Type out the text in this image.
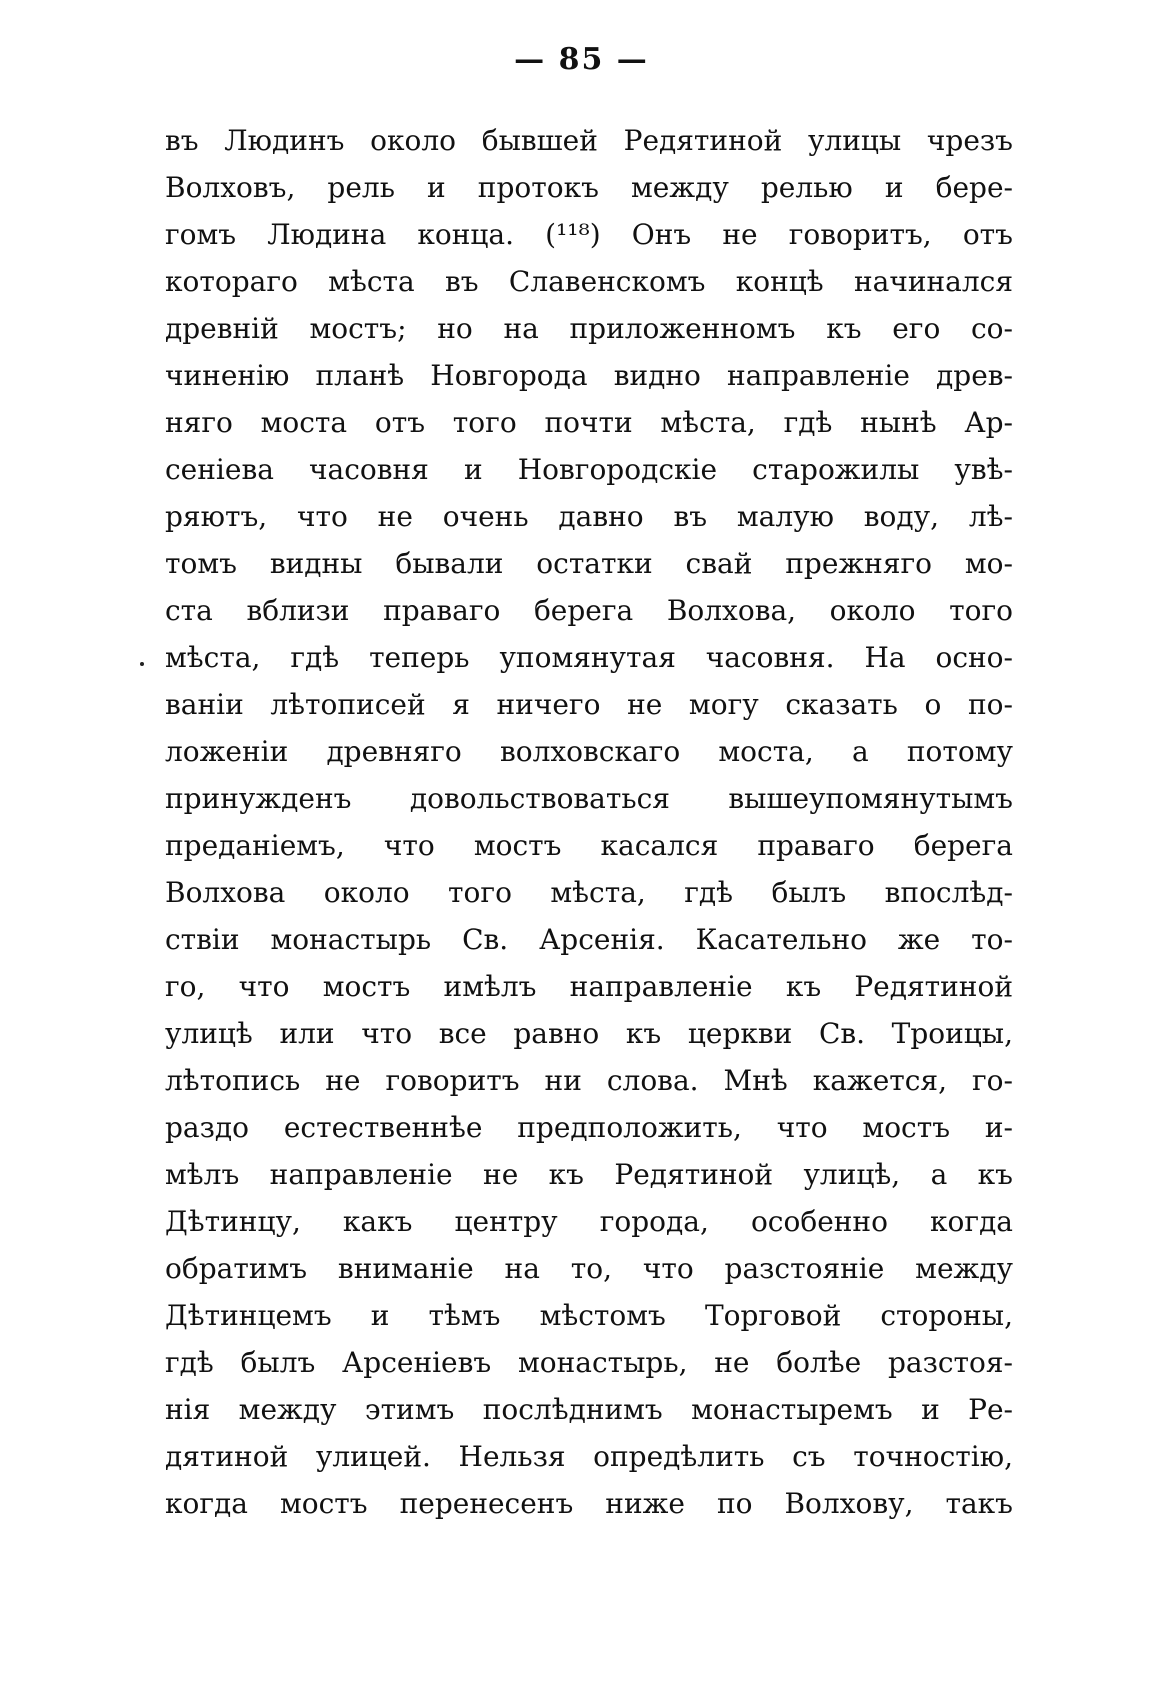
— 85 —
въ Людинъ около бывшей Редятиной улицы чрезъ
Волховъ, рель и протокъ между релью и бере-
гомъ Людина конца. (¹¹⁸) Онъ не говоритъ, отъ
котораго мѣста въ Славенскомъ концѣ начинался
древній мостъ; но на приложенномъ къ его со-
чиненію планѣ Новгорода видно направленіе древ-
няго моста отъ того почти мѣста, гдѣ нынѣ Ар-
сеніева часовня и Новгородскіе старожилы увѣ-
ряютъ, что не очень давно въ малую воду, лѣ-
томъ видны бывали остатки свай прежняго мо-
ста вблизи праваго берега Волхова, около того
мѣста, гдѣ теперь упомянутая часовня. На осно-
ваніи лѣтописей я ничего не могу сказать о по-
ложеніи древняго волховскаго моста, а потому
принужденъ довольствоваться вышеупомянутымъ
преданіемъ, что мостъ касался праваго берега
Волхова около того мѣста, гдѣ былъ впослѣд-
ствіи монастырь Св. Арсенія. Касательно же то-
го, что мостъ имѣлъ направленіе къ Редятиной
улицѣ или что все равно къ церкви Св. Троицы,
лѣтопись не говоритъ ни слова. Мнѣ кажется, го-
раздо естественнѣе предположить, что мостъ и-
мѣлъ направленіе не къ Редятиной улицѣ, а къ
Дѣтинцу, какъ центру города, особенно когда
обратимъ вниманіе на то, что разстояніе между
Дѣтинцемъ и тѣмъ мѣстомъ Торговой стороны,
гдѣ былъ Арсеніевъ монастырь, не болѣе разстоя-
нія между этимъ послѣднимъ монастыремъ и Ре-
дятиной улицей. Нельзя опредѣлить съ точностію,
когда мостъ перенесенъ ниже по Волхову, такъ
